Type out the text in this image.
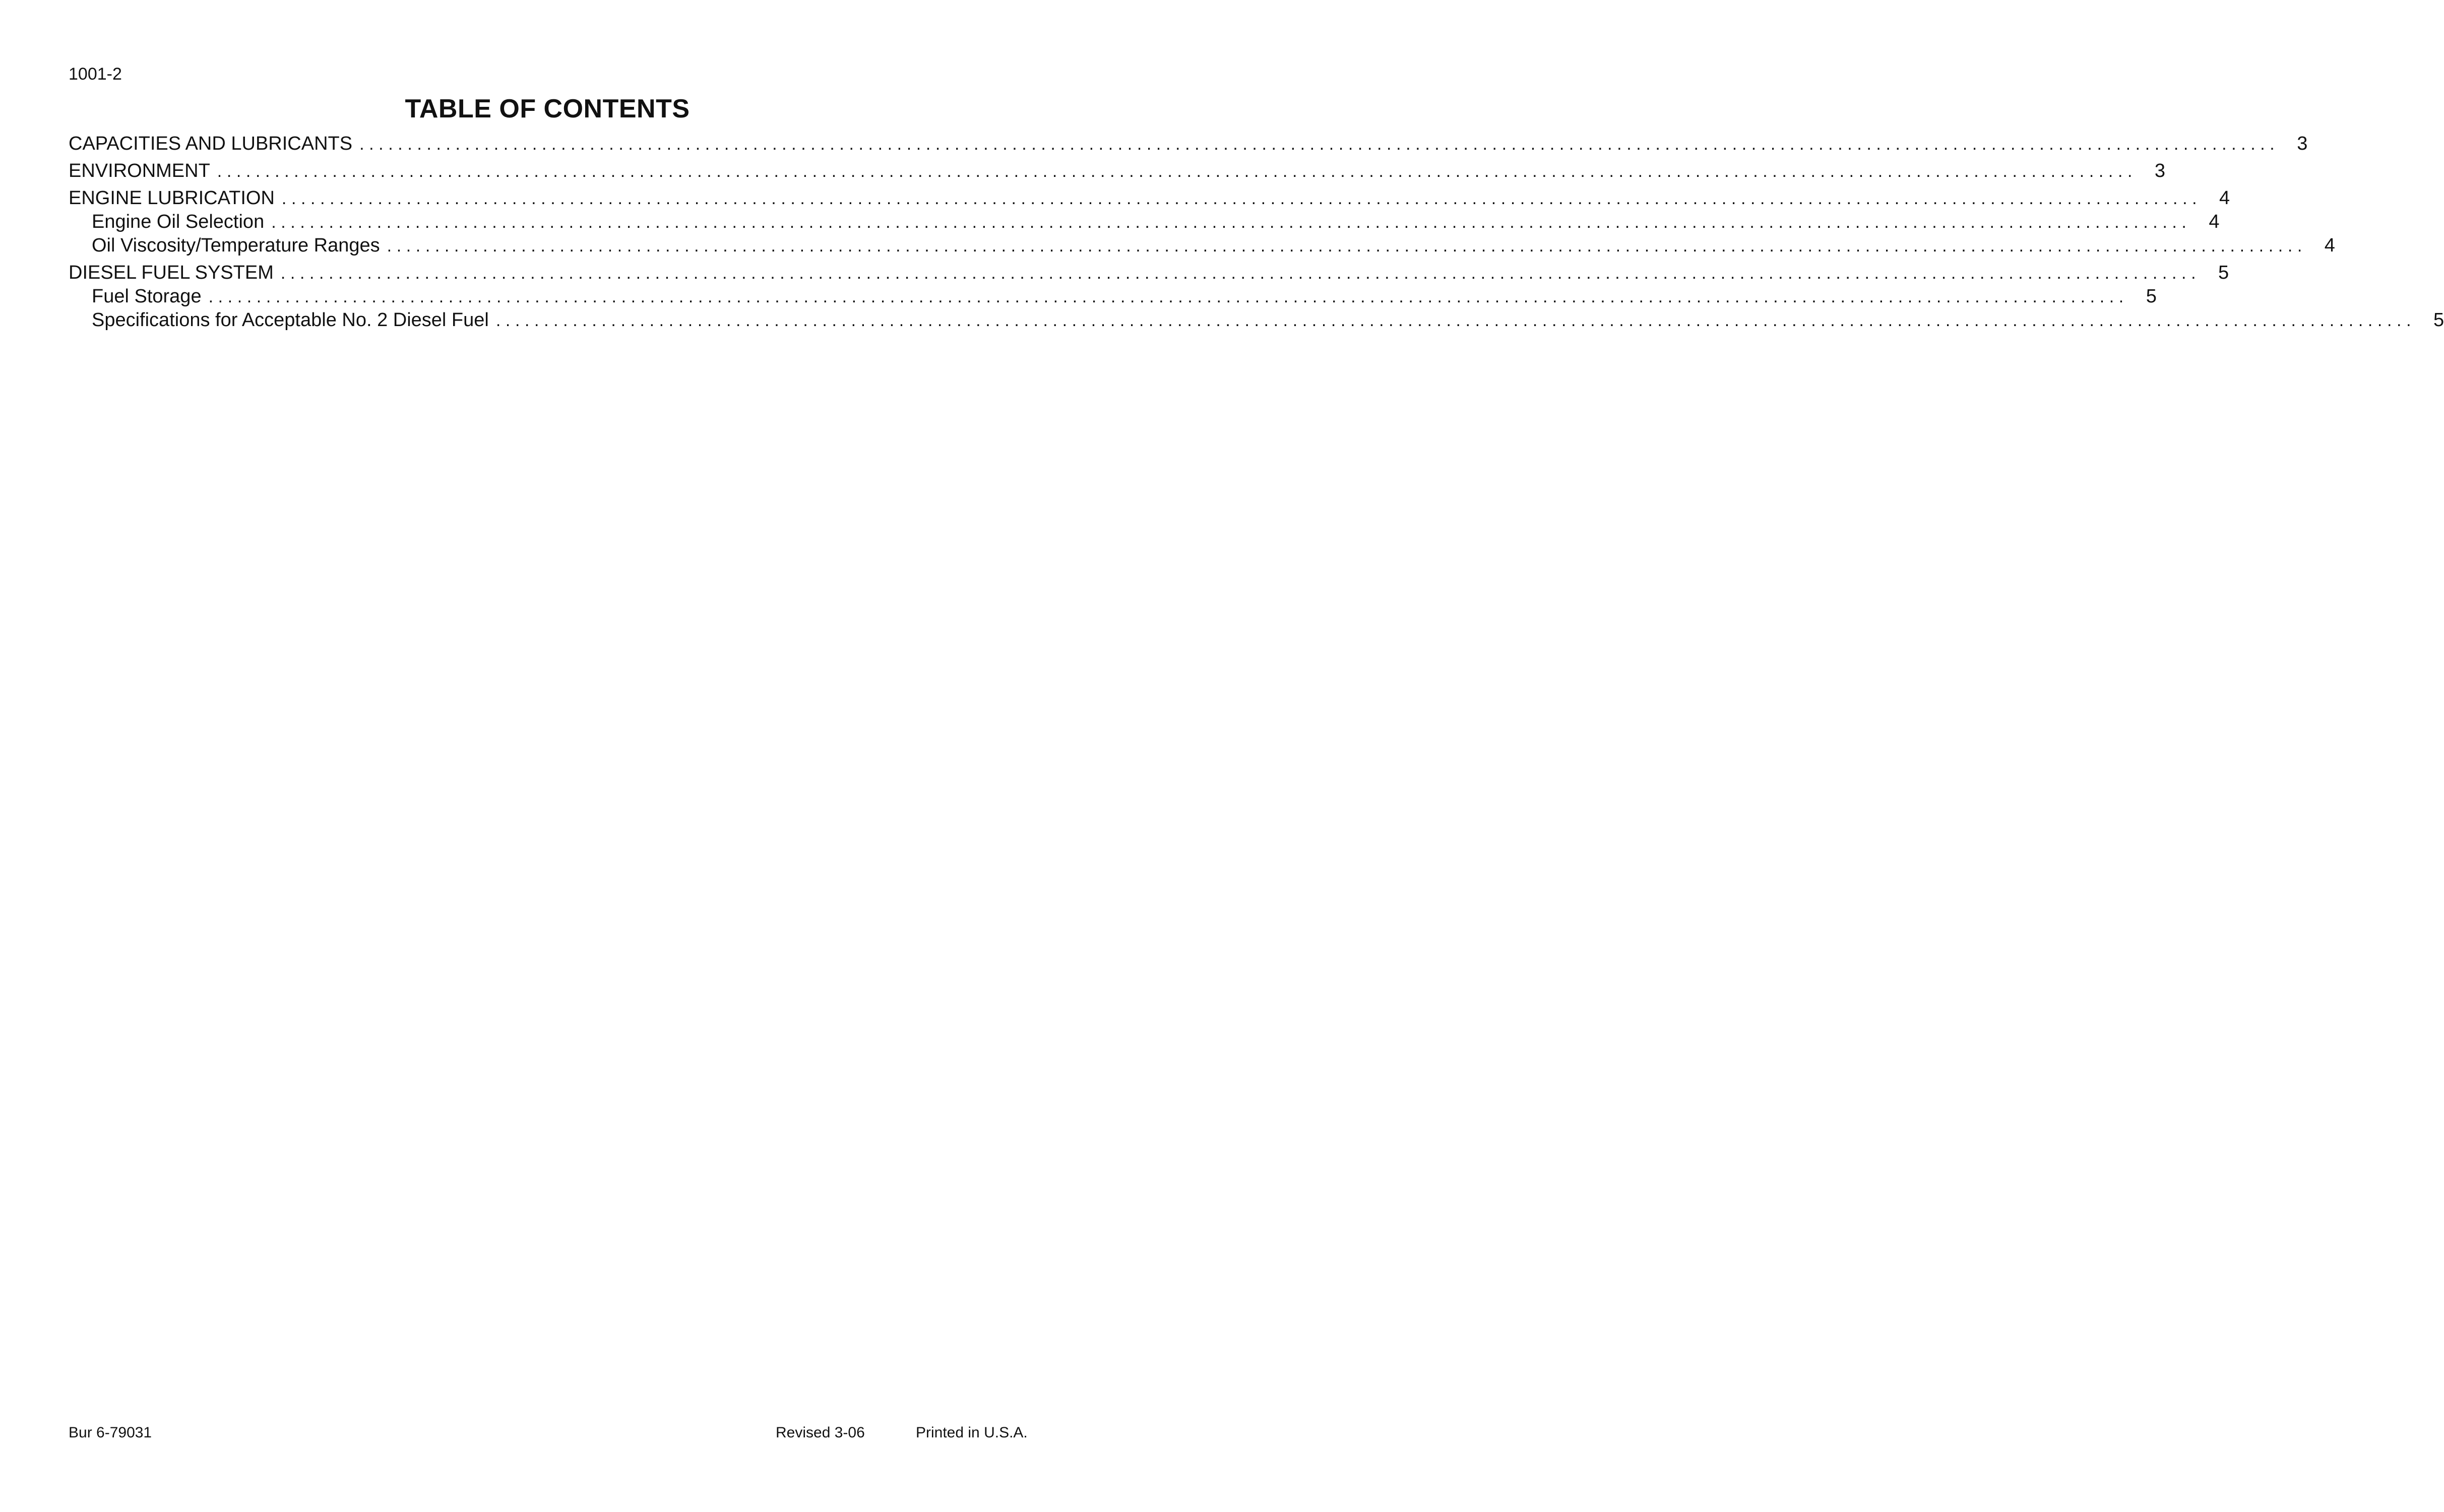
1001-2
TABLE OF CONTENTS
CAPACITIES AND LUBRICANTS ........................................................................................................................................................................................................ 3
ENVIRONMENT ........................................................................................................................................................................................................ 3
ENGINE LUBRICATION ........................................................................................................................................................................................................ 4
Engine Oil Selection ........................................................................................................................................................................................................ 4
Oil Viscosity/Temperature Ranges ........................................................................................................................................................................................................ 4
DIESEL FUEL SYSTEM ........................................................................................................................................................................................................ 5
Fuel Storage ........................................................................................................................................................................................................ 5
Specifications for Acceptable No. 2 Diesel Fuel ........................................................................................................................................................................................................ 5
Bur 6-79031	Revised 3-06	Printed in U.S.A.
